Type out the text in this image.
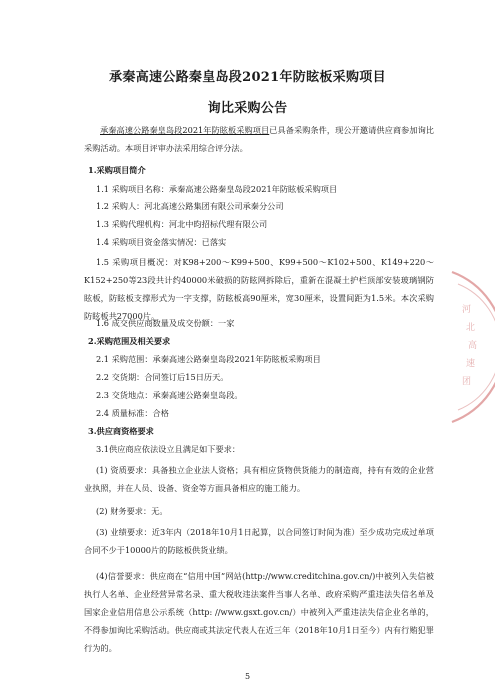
承秦高速公路秦皇岛段2021年防眩板采购项目
询比采购公告
承秦高速公路秦皇岛段2021年防眩板采购项目已具备采购条件，现公开邀请供应商参加询比采购活动。本项目评审办法采用综合评分法。
1.采购项目简介
1.1 采购项目名称：承秦高速公路秦皇岛段2021年防眩板采购项目
1.2 采购人：河北高速公路集团有限公司承秦分公司
1.3 采购代理机构：河北中昀招标代理有限公司
1.4 采购项目资金落实情况：已落实
1.5 采购项目概况：对K98+200～K99+500、K99+500～K102+500、K149+220～K152+250等23段共计约40000米破损的防眩网拆除后，重新在混凝土护栏顶部安装玻璃钢防眩板，防眩板支撑形式为一字支撑，防眩板高90厘米，宽30厘米，设置间距为1.5米。本次采购防眩板共27000片。
1.6 成交供应商数量及成交份额：一家
2.采购范围及相关要求
2.1 采购范围：承秦高速公路秦皇岛段2021年防眩板采购项目
2.2 交货期：合同签订后15日历天。
2.3 交货地点：承秦高速公路秦皇岛段。
2.4 质量标准：合格
3.供应商资格要求
3.1供应商应依法设立且满足如下要求：
(1) 资质要求：具备独立企业法人资格；具有相应货物供货能力的制造商，持有有效的企业营业执照，并在人员、设备、资金等方面具备相应的施工能力。
(2) 财务要求：无。
(3) 业绩要求：近3年内（2018年10月1日起算，以合同签订时间为准）至少成功完成过单项合同不少于10000片的防眩板供货业绩。
(4)信誉要求：供应商在“信用中国”网站(http://www.creditchina.gov.cn/)中被列入失信被执行人名单、企业经营异常名录、重大税收违法案件当事人名单、政府采购严重违法失信名单及国家企业信用信息公示系统（http: //www.gsxt.gov.cn/）中被列入严重违法失信企业名单的，不得参加询比采购活动。供应商或其法定代表人在近三年（2018年10月1日至今）内有行贿犯罪行为的。
5
河
北
高
速
团
